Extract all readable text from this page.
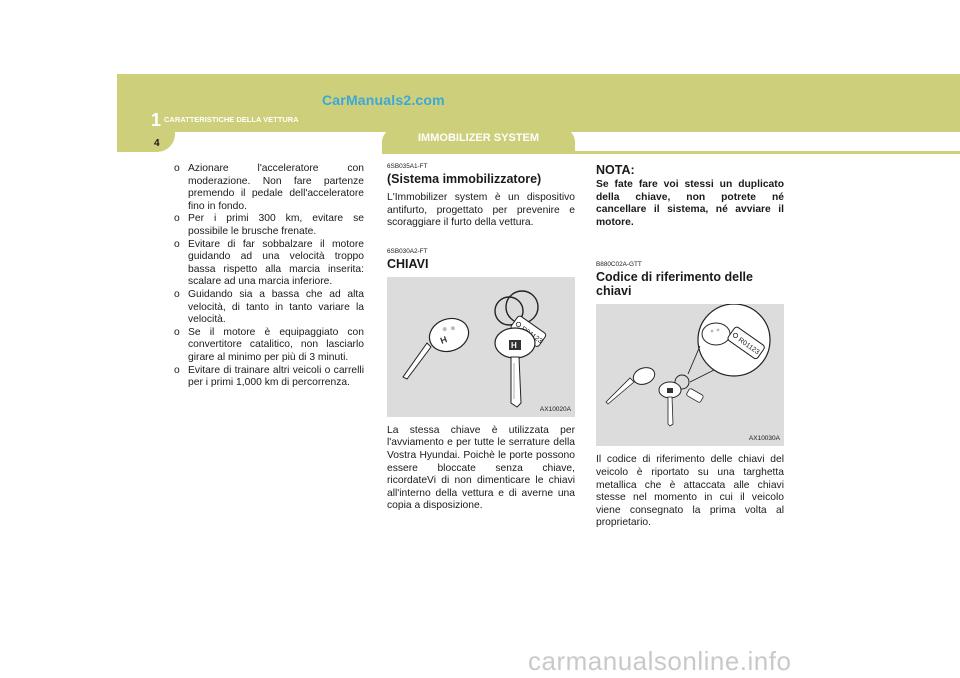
CarManuals2.com
1 CARATTERISTICHE DELLA VETTURA
4	IMMOBILIZER SYSTEM
o Azionare l'acceleratore con moderazione. Non fare partenze premendo il pedale dell'acceleratore fino in fondo.
o Per i primi 300 km, evitare se possibile le brusche frenate.
o Evitare di far sobbalzare il motore guidando ad una velocità troppo bassa rispetto alla marcia inserita: scalare ad una marcia inferiore.
o Guidando sia a bassa che ad alta velocità, di tanto in tanto variare la velocità.
o Se il motore è equipaggiato con convertitore catalitico, non lasciarlo girare al minimo per più di 3 minuti.
o Evitare di trainare altri veicoli o carrelli per i primi 1,000 km di percorrenza.

6SB035A1-FT

(Sistema immobilizzatore)

L'Immobilizer system è un dispositivo antifurto, progettato per prevenire e scoraggiare il furto della vettura.

6SB030A2-FT

CHIAVI
H	H
AX10020A

La stessa chiave è utilizzata per l'avviamento e per tutte le serrature della Vostra Hyundai. Poichè le porte possono essere bloccate senza chiave, ricordateVi di non dimenticare le chiavi all'interno della vettura e di averne una copia a disposizione.

NOTA:

Se fate fare voi stessi un duplicato della chiave, non potrete né cancellare il sistema, né avviare il motore.

B880C02A-GTT

Codice di riferimento delle chiavi
R01123
AX10030A

Il codice di riferimento delle chiavi del veicolo è riportato su una targhetta metallica che è attaccata alle chiavi stesse nel momento in cui il veicolo viene consegnato la prima volta al proprietario.

carmanualsonline.info
